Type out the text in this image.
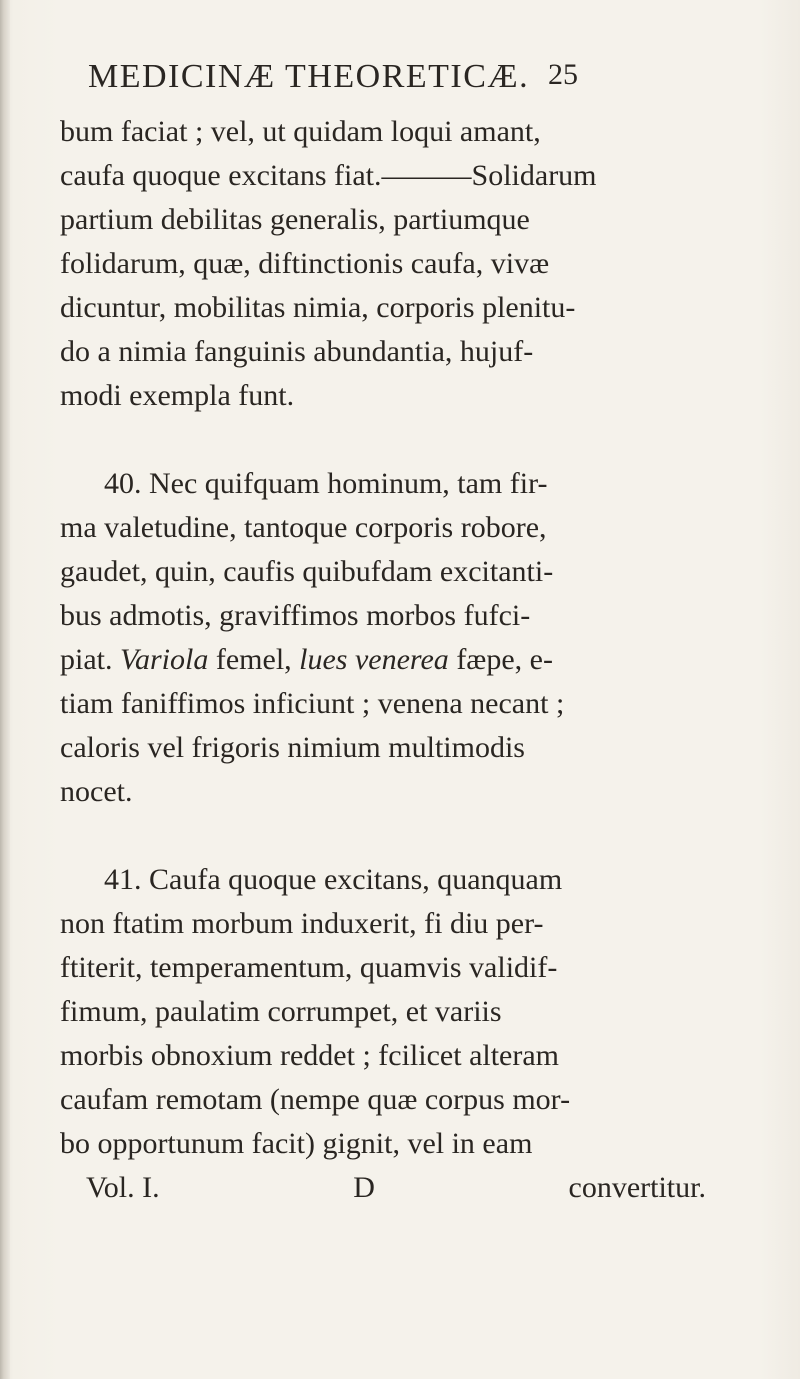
MEDICINÆ THEORETICÆ. 25
bum faciat ; vel, ut quidam loqui amant,
caufa quoque excitans fiat.———Solidarum
partium debilitas generalis, partiumque
folidarum, quæ, diftinctionis caufa, vivæ
dicuntur, mobilitas nimia, corporis plenitu-
do a nimia fanguinis abundantia, hujuf-
modi exempla funt.
40. Nec quifquam hominum, tam fir-
ma valetudine, tantoque corporis robore,
gaudet, quin, caufis quibufdam excitanti-
bus admotis, graviffimos morbos fufci-
piat. Variola femel, lues venerea fæpe, e-
tiam faniffimos inficiunt ; venena necant ;
caloris vel frigoris nimium multimodis
nocet.
41. Caufa quoque excitans, quanquam
non ftatim morbum induxerit, fi diu per-
ftiterit, temperamentum, quamvis validif-
fimum, paulatim corrumpet, et variis
morbis obnoxium reddet ; fcilicet alteram
caufam remotam (nempe quæ corpus mor-
bo opportunum facit) gignit, vel in eam
Vol. I.	D	convertitur.
